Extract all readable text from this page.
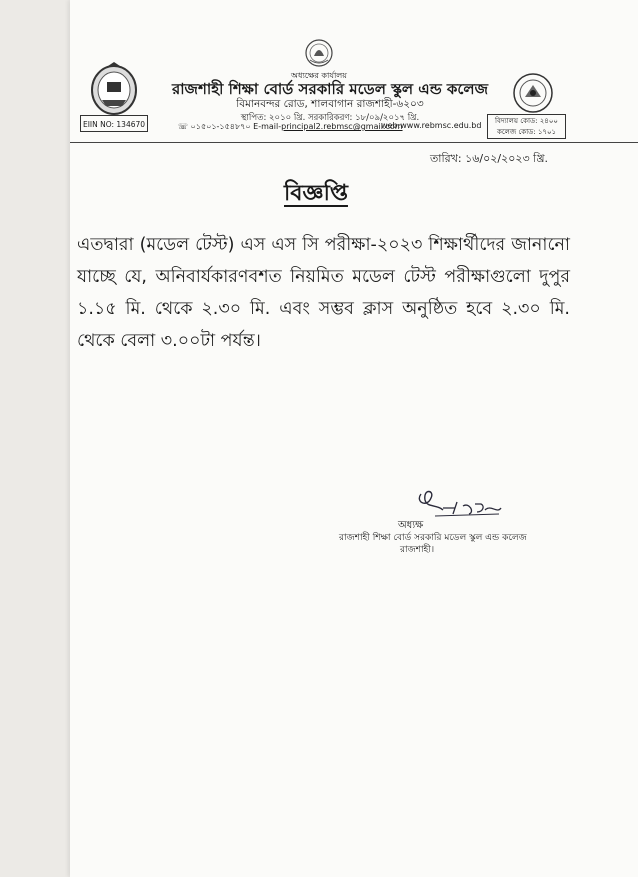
অধ্যক্ষের কার্যালয়
রাজশাহী শিক্ষা বোর্ড সরকারি মডেল স্কুল এন্ড কলেজ
বিমানবন্দর রোড, শালবাগান রাজশাহী-৬২০৩
স্থাপিত: ২০১০ খ্রি. সরকারিকরণ: ১৮/০৯/২০১৭ খ্রি.
☏ ০১৫০১-১৫৪৮৭০ E-mail-principal2.rebmsc@gmail.com
web:www.rebmsc.edu.bd
EIIN NO: 134670	বিদ্যালয় কোড: ২৪০০
কলেজ কোড: ১৭০১
তারিখ: ১৬/০২/২০২৩ খ্রি.
বিজ্ঞপ্তি
এতদ্বারা (মডেল টেস্ট) এস এস সি পরীক্ষা-২০২৩ শিক্ষার্থীদের জানানো যাচ্ছে যে, অনিবার্যকারণবশত নিয়মিত মডেল টেস্ট পরীক্ষাগুলো দুপুর ১.১৫ মি. থেকে ২.৩০ মি. এবং সম্ভব ক্লাস অনুষ্ঠিত হবে ২.৩০ মি. থেকে বেলা ৩.০০টা পর্যন্ত।
অধ্যক্ষ
রাজশাহী শিক্ষা বোর্ড সরকারি মডেল স্কুল এন্ড কলেজ
রাজশাহী।
